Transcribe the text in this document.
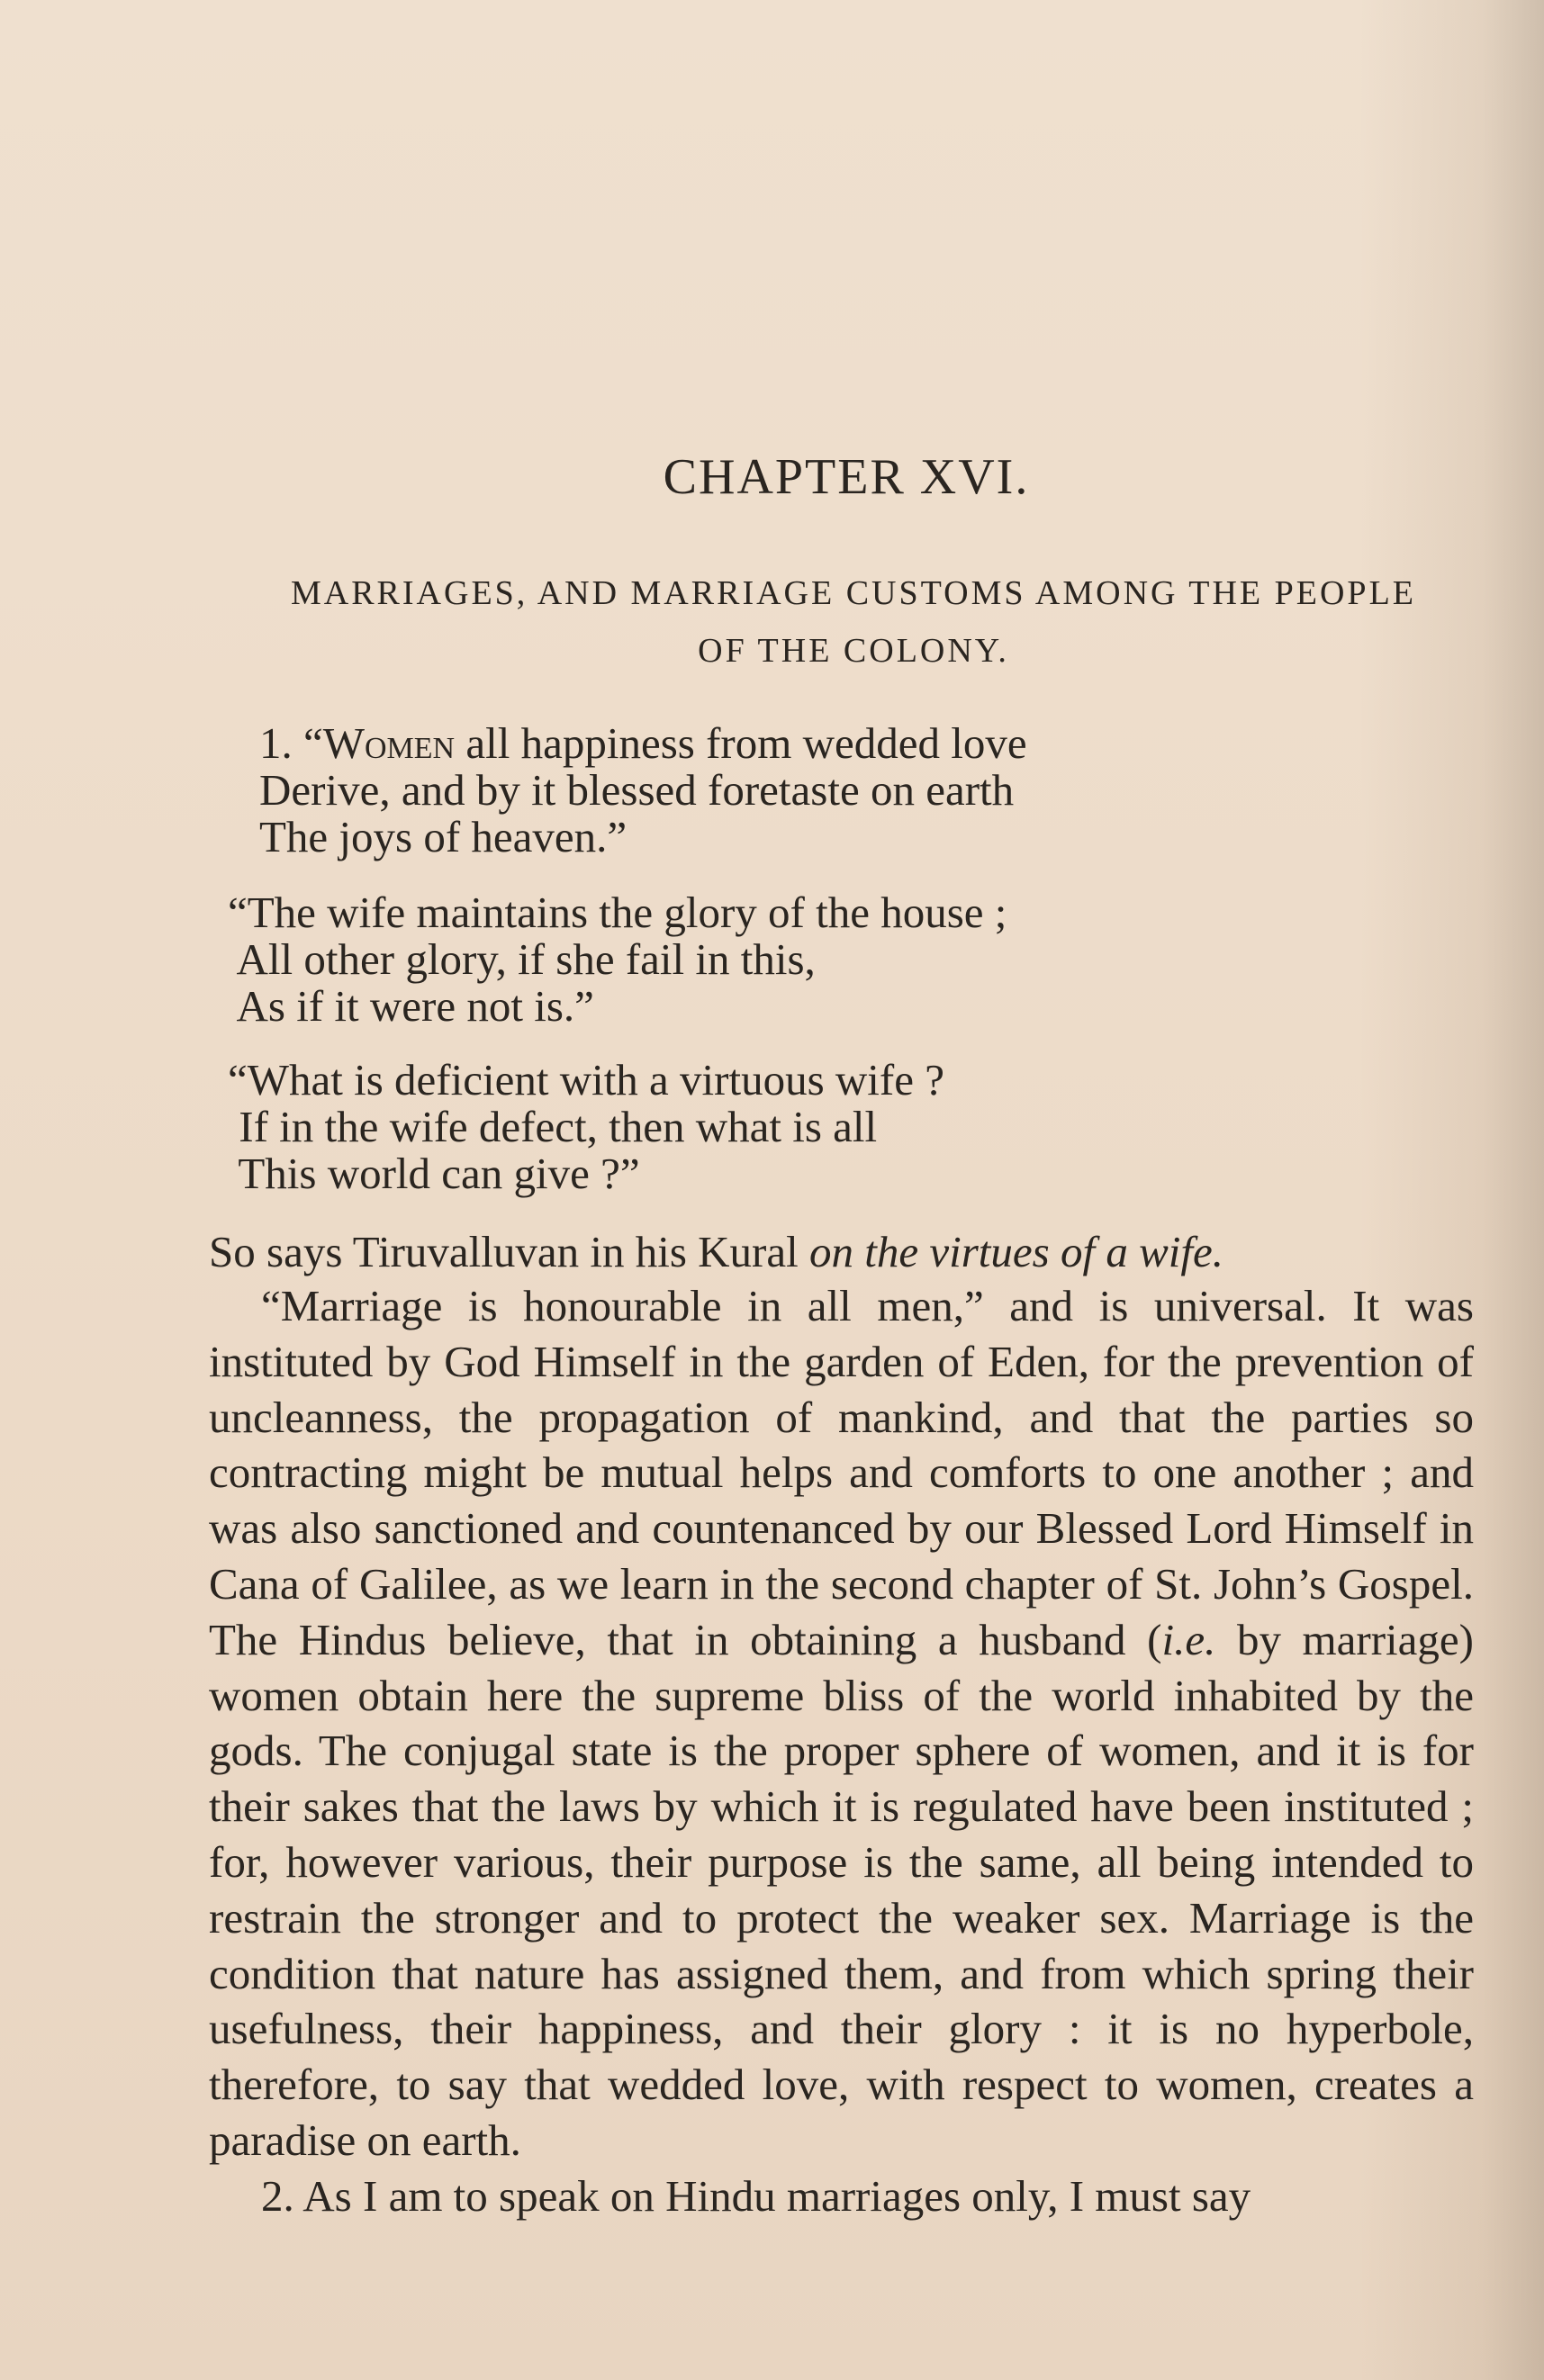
CHAPTER XVI.
MARRIAGES, AND MARRIAGE CUSTOMS AMONG THE PEOPLE
OF THE COLONY.
1. “Women all happiness from wedded love
Derive, and by it blessed foretaste on earth
The joys of heaven.”
“The wife maintains the glory of the house ;
All other glory, if she fail in this,
As if it were not is.”
“What is deficient with a virtuous wife ?
If in the wife defect, then what is all
This world can give ?”
So says Tiruvalluvan in his Kural on the virtues of a wife.

“Marriage is honourable in all men,” and is universal. It was instituted by God Himself in the garden of Eden, for the prevention of uncleanness, the propagation of mankind, and that the parties so contracting might be mutual helps and comforts to one another ; and was also sanctioned and countenanced by our Blessed Lord Himself in Cana of Galilee, as we learn in the second chapter of St. John’s Gospel. The Hindus believe, that in obtaining a husband (i.e. by marriage) women obtain here the supreme bliss of the world inhabited by the gods. The conjugal state is the proper sphere of women, and it is for their sakes that the laws by which it is regulated have been instituted ; for, however various, their purpose is the same, all being intended to restrain the stronger and to protect the weaker sex. Marriage is the condition that nature has assigned them, and from which spring their usefulness, their happiness, and their glory : it is no hyperbole, therefore, to say that wedded love, with respect to women, creates a paradise on earth.

2. As I am to speak on Hindu marriages only, I must say
